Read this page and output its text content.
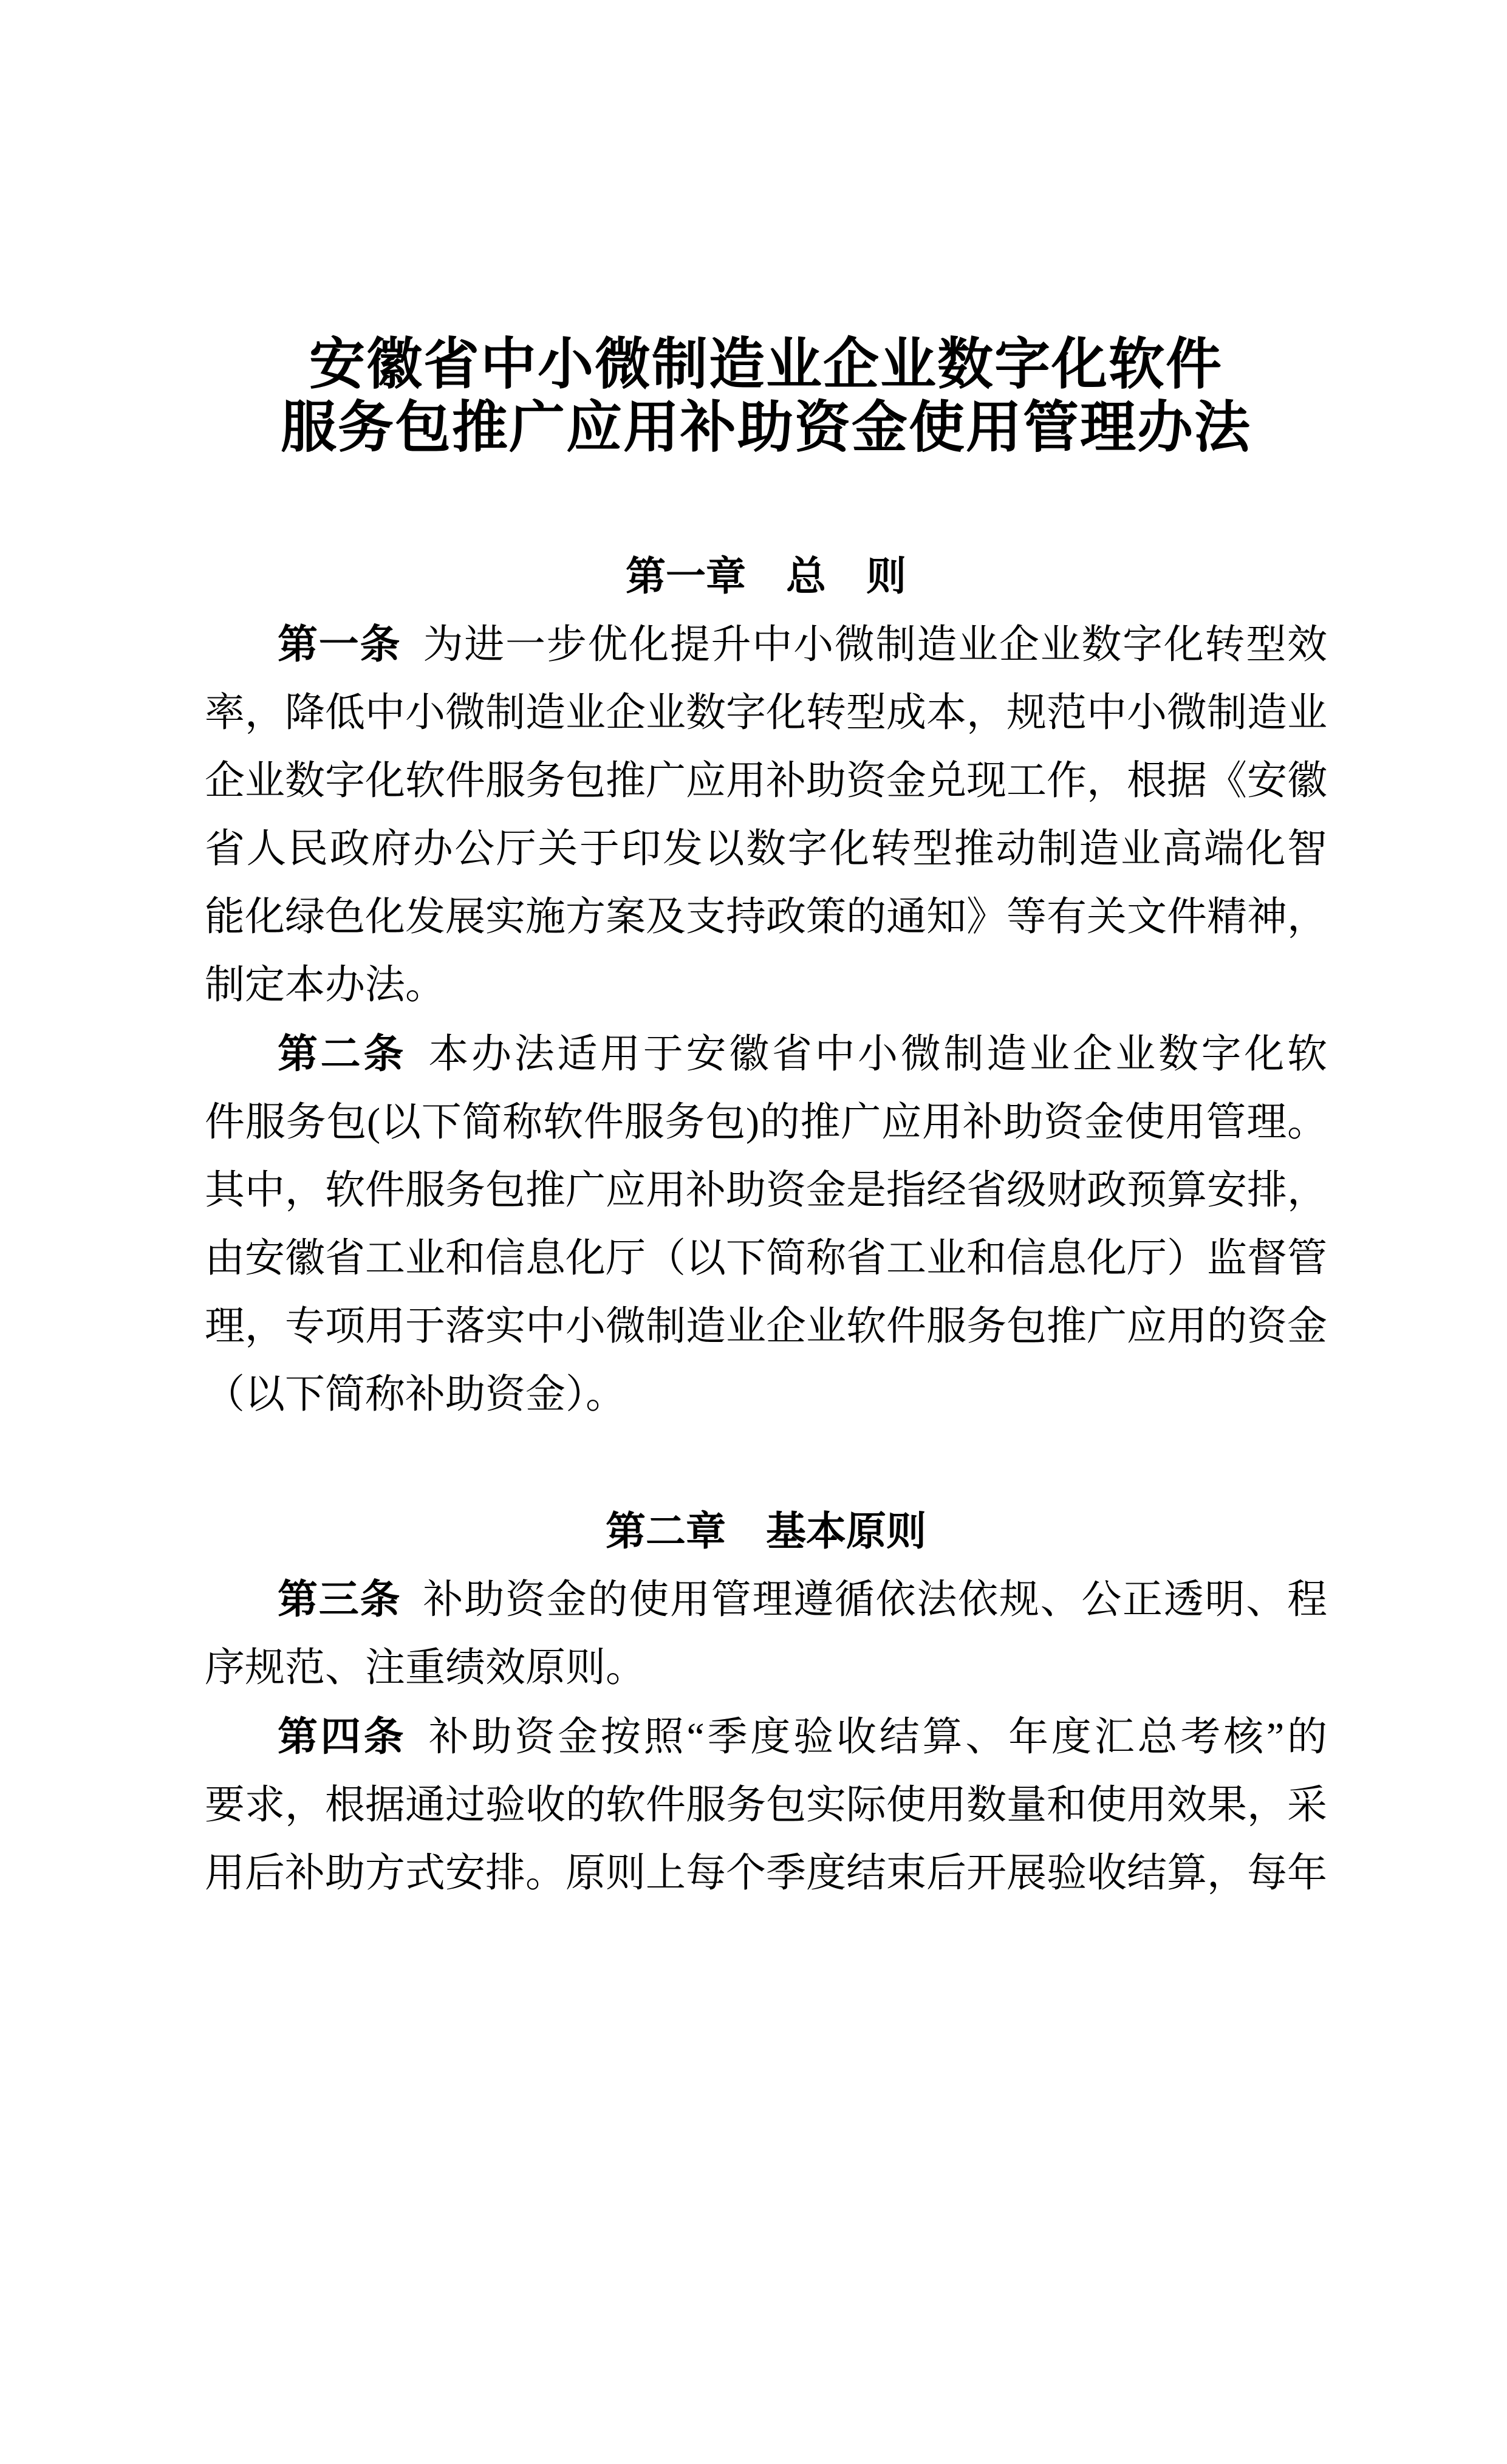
安徽省中小微制造业企业数字化软件
服务包推广应用补助资金使用管理办法
第一章　总　则
第一条 为进一步优化提升中小微制造业企业数字化转型效
率，降低中小微制造业企业数字化转型成本，规范中小微制造业
企业数字化软件服务包推广应用补助资金兑现工作，根据《安徽
省人民政府办公厅关于印发以数字化转型推动制造业高端化智
能化绿色化发展实施方案及支持政策的通知》等有关文件精神，
制定本办法。
第二条 本办法适用于安徽省中小微制造业企业数字化软
件服务包(以下简称软件服务包)的推广应用补助资金使用管理。
其中，软件服务包推广应用补助资金是指经省级财政预算安排，
由安徽省工业和信息化厅（以下简称省工业和信息化厅）监督管
理，专项用于落实中小微制造业企业软件服务包推广应用的资金
（以下简称补助资金）。
第二章　基本原则
第三条 补助资金的使用管理遵循依法依规、公正透明、程
序规范、注重绩效原则。
第四条 补助资金按照“季度验收结算、年度汇总考核”的
要求，根据通过验收的软件服务包实际使用数量和使用效果，采
用后补助方式安排。原则上每个季度结束后开展验收结算，每年
